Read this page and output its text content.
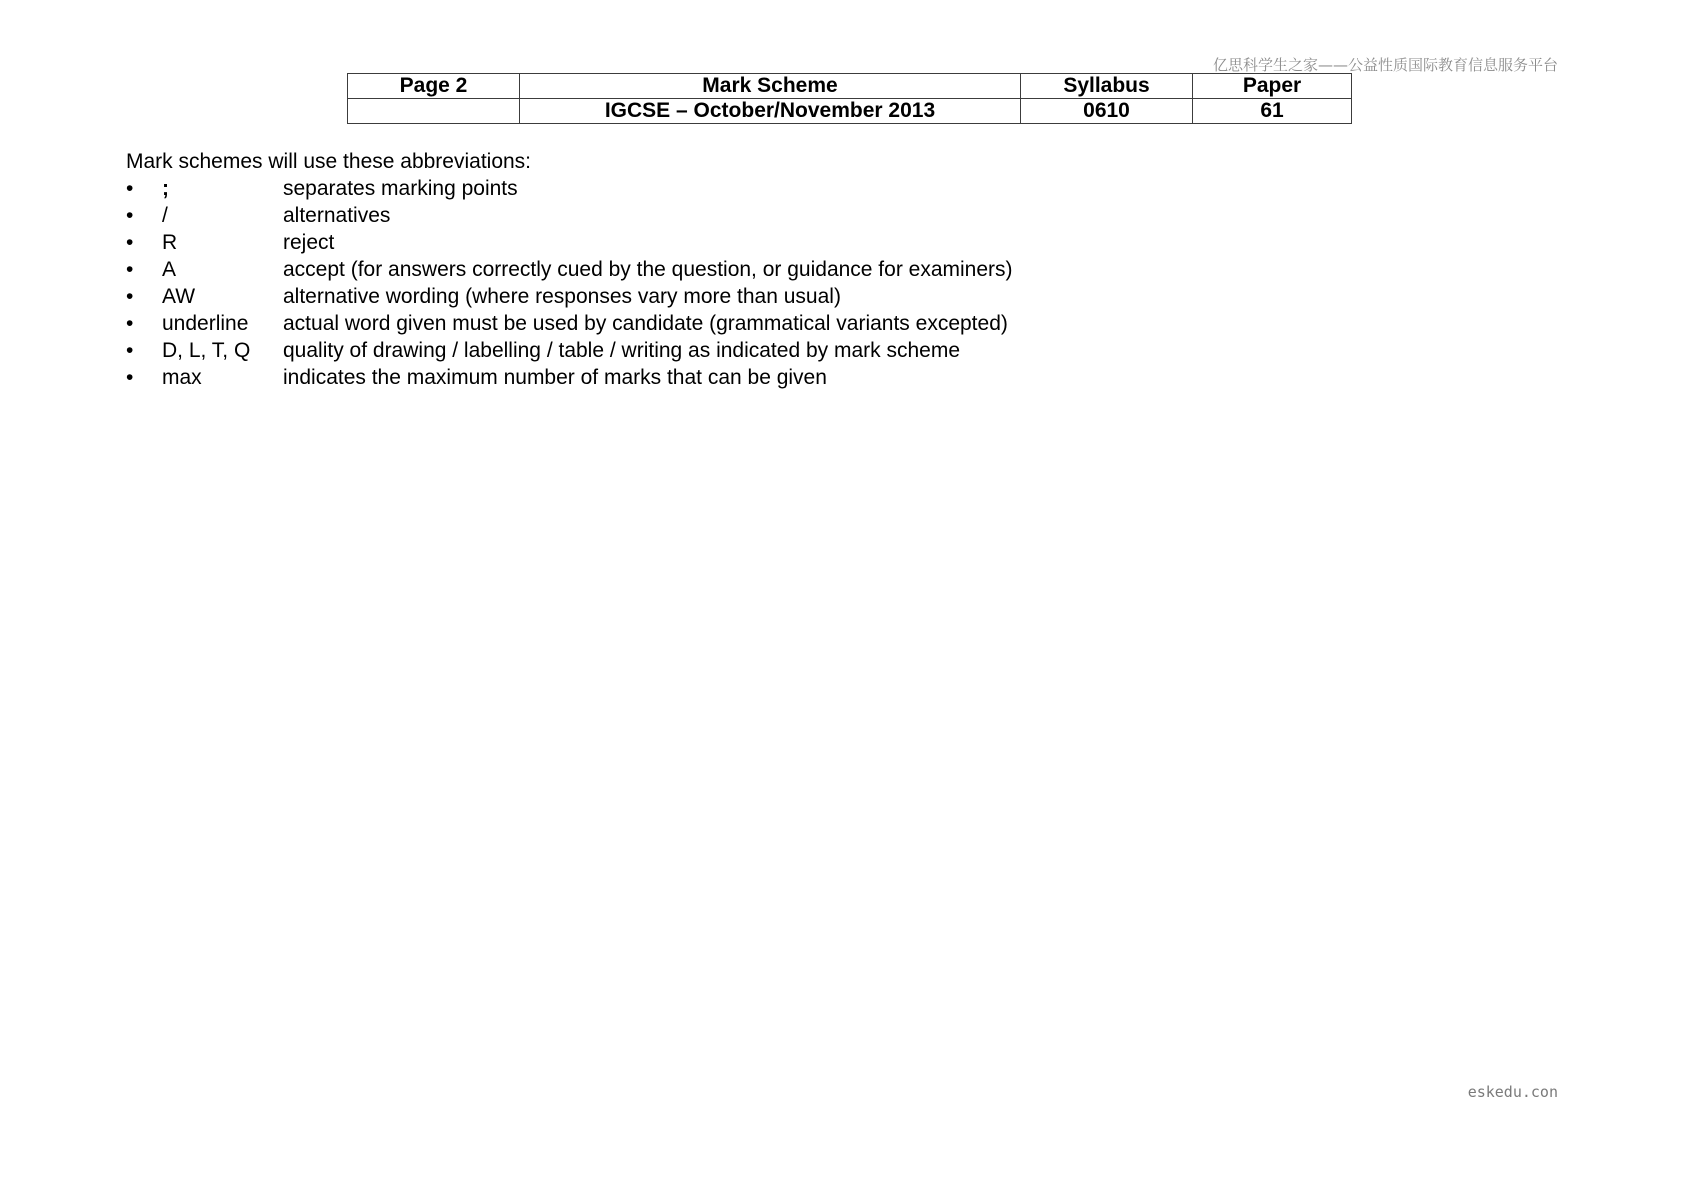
亿思科学生之家——公益性质国际教育信息服务平台
Page 2	Mark Scheme	Syllabus	Paper
	IGCSE – October/November 2013	0610	61

Mark schemes will use these abbreviations:

•	;	separates marking points
•	/	alternatives
•	R	reject
•	A	accept (for answers correctly cued by the question, or guidance for examiners)
•	AW	alternative wording (where responses vary more than usual)
•	underline	actual word given must be used by candidate (grammatical variants excepted)
•	D, L, T, Q	quality of drawing / labelling / table / writing as indicated by mark scheme
•	max	indicates the maximum number of marks that can be given
eskedu.con
